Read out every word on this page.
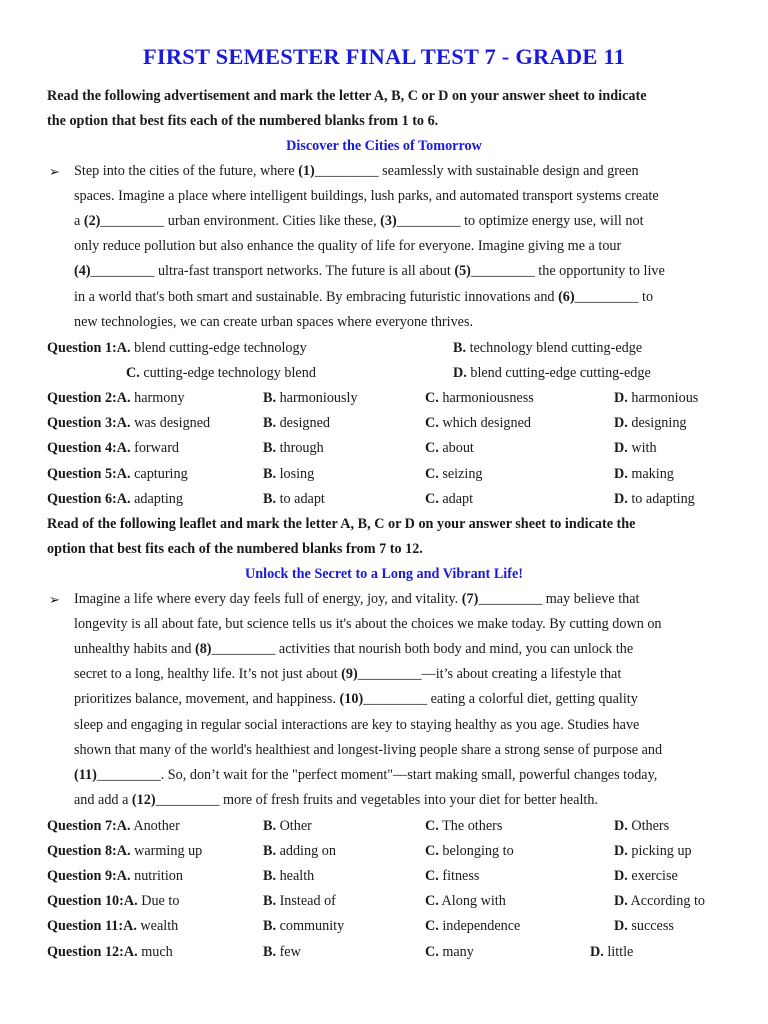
FIRST SEMESTER FINAL TEST 7 - GRADE 11
Read the following advertisement and mark the letter A, B, C or D on your answer sheet to indicate
the option that best fits each of the numbered blanks from 1 to 6.
Discover the Cities of Tomorrow
➢ Step into the cities of the future, where (1)_________ seamlessly with sustainable design and green
spaces. Imagine a place where intelligent buildings, lush parks, and automated transport systems create
a (2)_________ urban environment. Cities like these, (3)_________ to optimize energy use, will not
only reduce pollution but also enhance the quality of life for everyone. Imagine giving me a tour
(4)_________ ultra-fast transport networks. The future is all about (5)_________ the opportunity to live
in a world that's both smart and sustainable. By embracing futuristic innovations and (6)_________ to
new technologies, we can create urban spaces where everyone thrives.
Question 1:A. blend cutting-edge technology	B. technology blend cutting-edge
C. cutting-edge technology blend	D. blend cutting-edge cutting-edge
Question 2:A. harmony	B. harmoniously	C. harmoniousness	D. harmonious
Question 3:A. was designed	B. designed	C. which designed	D. designing
Question 4:A. forward	B. through	C. about	D. with
Question 5:A. capturing	B. losing	C. seizing	D. making
Question 6:A. adapting	B. to adapt	C. adapt	D. to adapting
Read of the following leaflet and mark the letter A, B, C or D on your answer sheet to indicate the
option that best fits each of the numbered blanks from 7 to 12.
Unlock the Secret to a Long and Vibrant Life!
➢ Imagine a life where every day feels full of energy, joy, and vitality. (7)_________ may believe that
longevity is all about fate, but science tells us it's about the choices we make today. By cutting down on
unhealthy habits and (8)_________ activities that nourish both body and mind, you can unlock the
secret to a long, healthy life. It’s not just about (9)_________—it’s about creating a lifestyle that
prioritizes balance, movement, and happiness. (10)_________ eating a colorful diet, getting quality
sleep and engaging in regular social interactions are key to staying healthy as you age. Studies have
shown that many of the world's healthiest and longest-living people share a strong sense of purpose and
(11)_________. So, don’t wait for the "perfect moment"—start making small, powerful changes today,
and add a (12)_________ more of fresh fruits and vegetables into your diet for better health.
Question 7:A. Another	B. Other	C. The others	D. Others
Question 8:A. warming up	B. adding on	C. belonging to	D. picking up
Question 9:A. nutrition	B. health	C. fitness	D. exercise
Question 10:A. Due to	B. Instead of	C. Along with	D. According to
Question 11:A. wealth	B. community	C. independence	D. success
Question 12:A. much	B. few	C. many	D. little
